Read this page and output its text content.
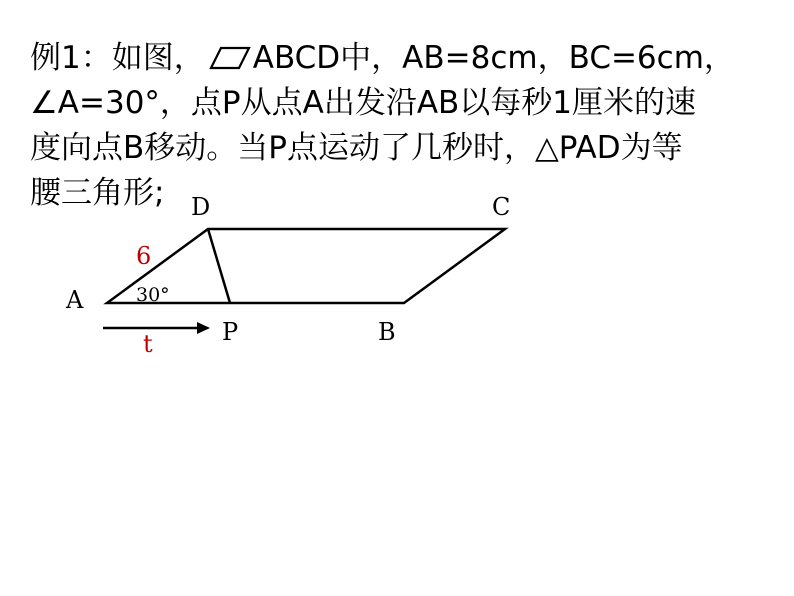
例1：如图， ABCD中，AB=8cm，BC=6cm，
∠A=30°，点P从点A出发沿AB以每秒1厘米的速
度向点B移动。当P点运动了几秒时，△PAD为等
腰三角形;	D	C
A
P	B
6
30°
t
